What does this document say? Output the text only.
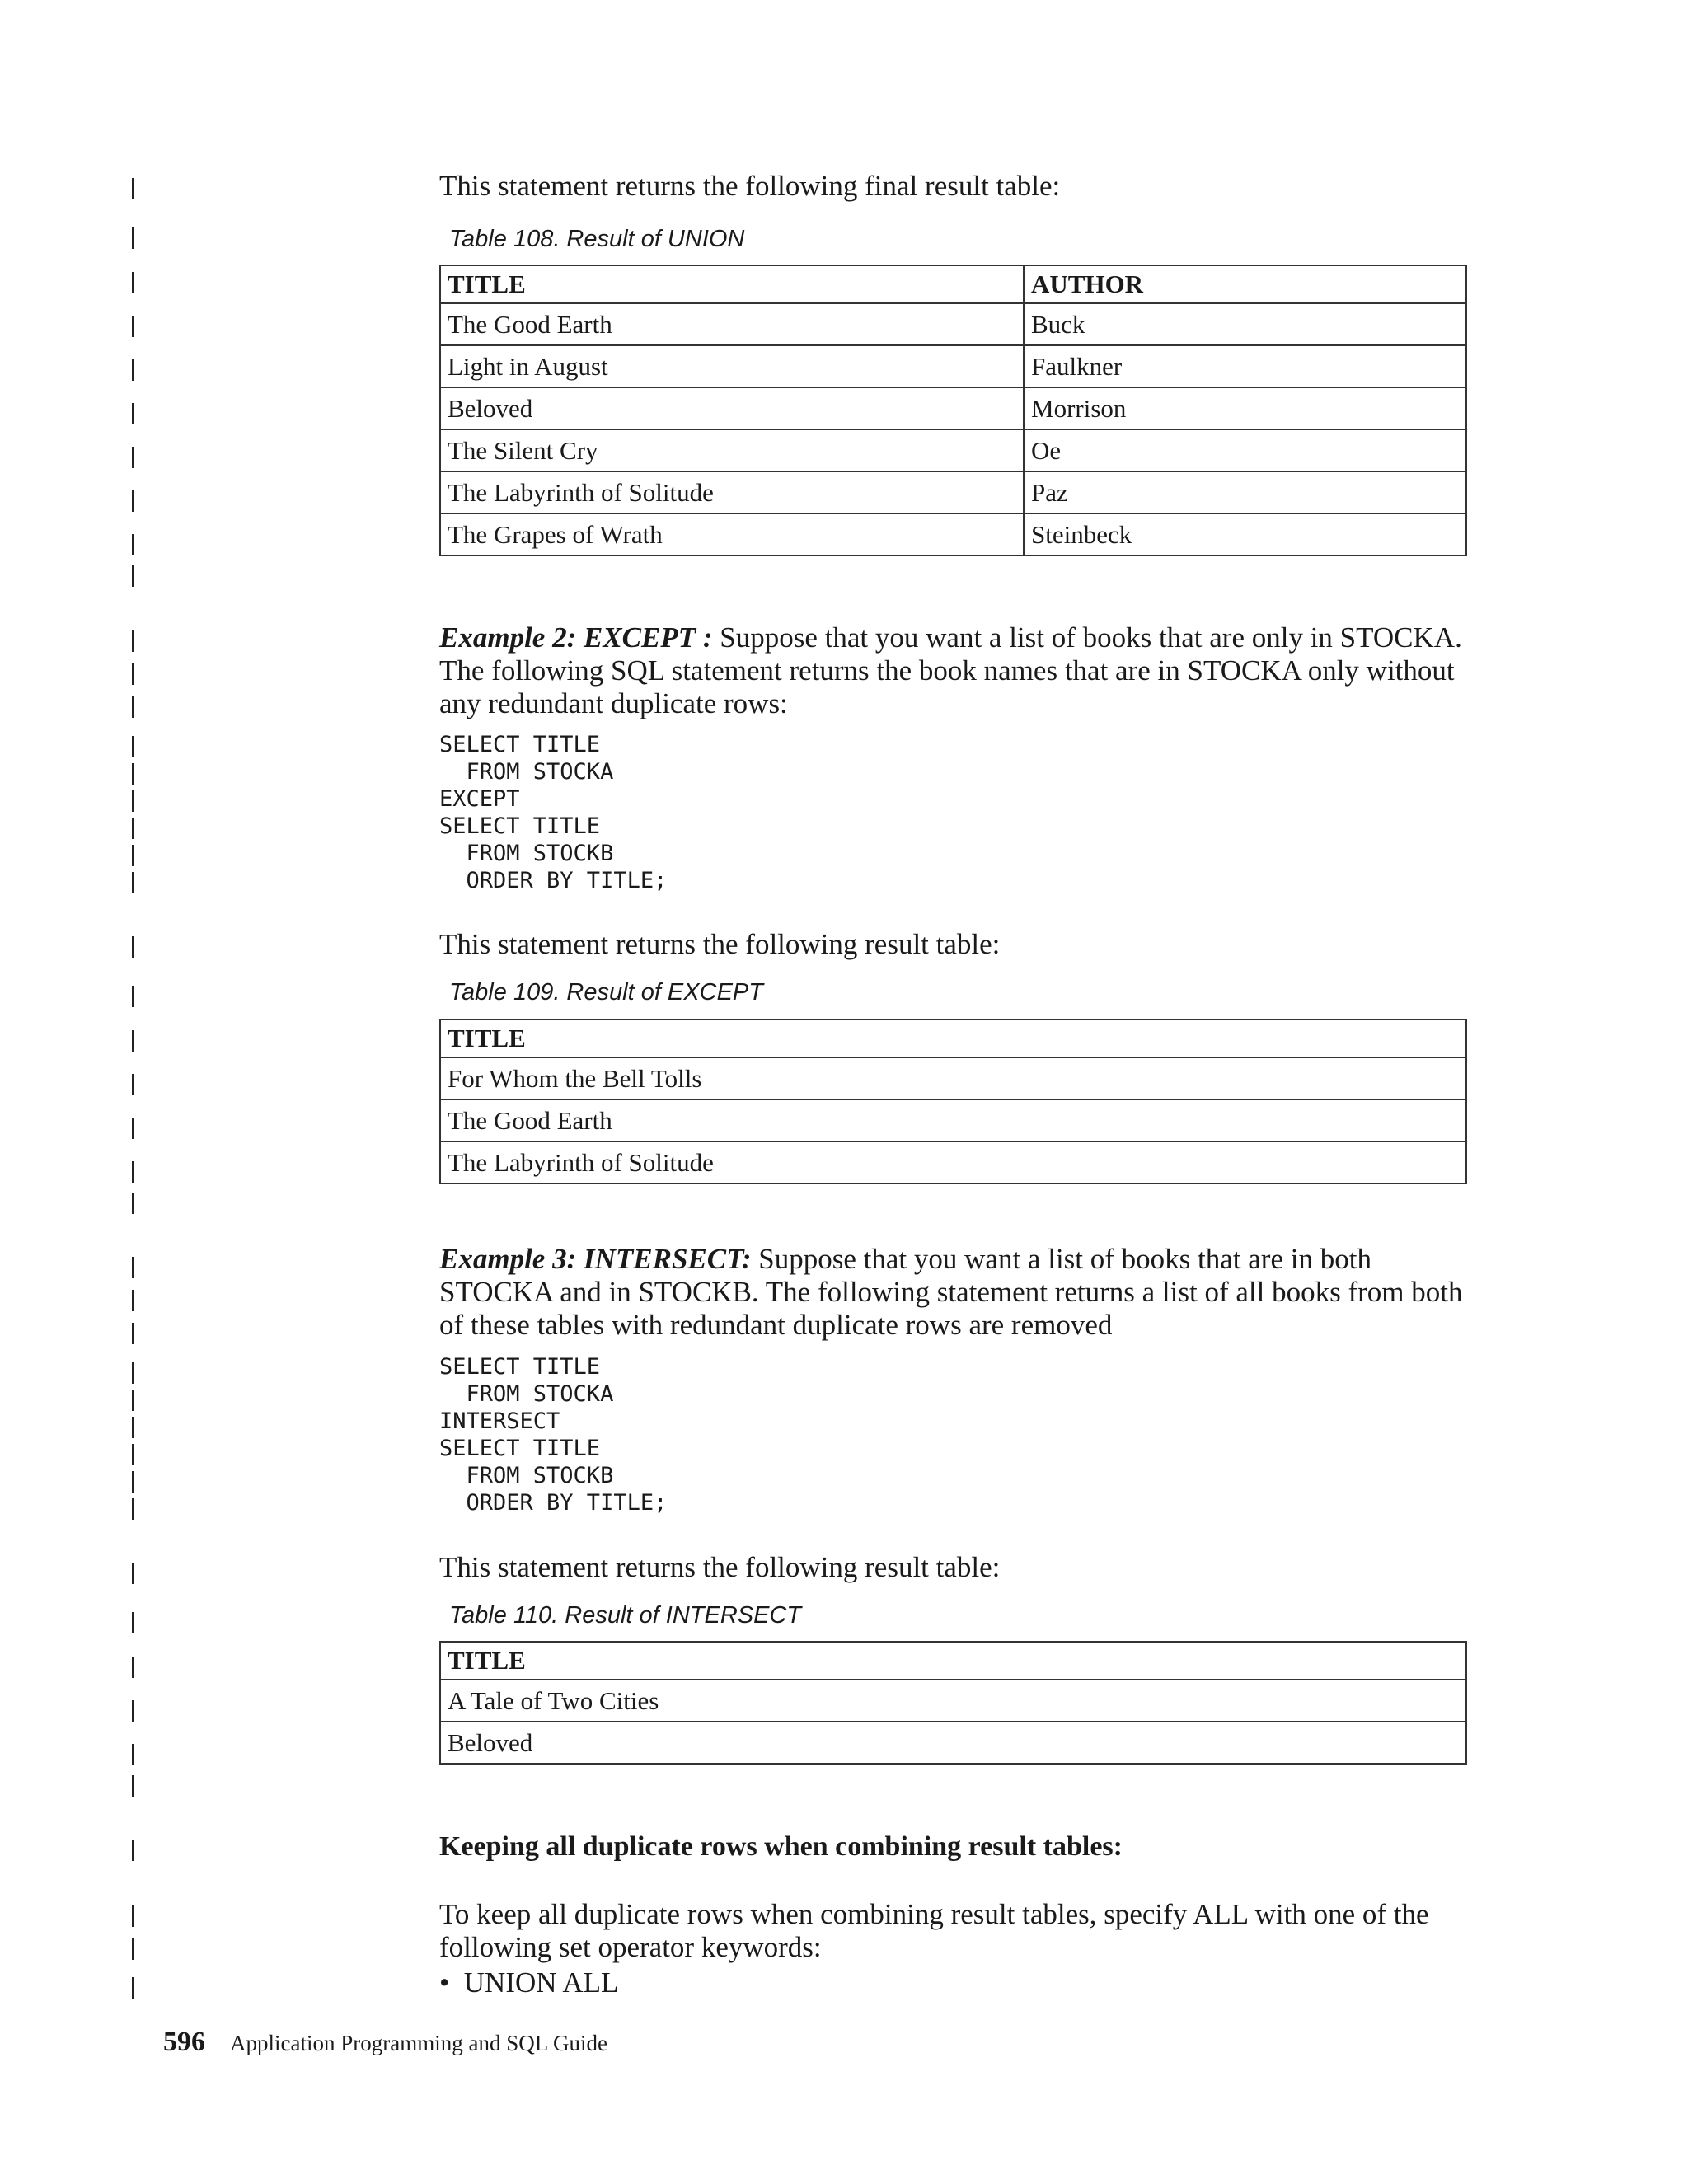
This statement returns the following final result table:

Table 108. Result of UNION
TITLE	AUTHOR
The Good Earth	Buck
Light in August	Faulkner
Beloved	Morrison
The Silent Cry	Oe
The Labyrinth of Solitude	Paz
The Grapes of Wrath	Steinbeck

Example 2: EXCEPT : Suppose that you want a list of books that are only in STOCKA. The following SQL statement returns the book names that are in STOCKA only without any redundant duplicate rows:

SELECT TITLE
FROM STOCKA
EXCEPT
SELECT TITLE
FROM STOCKB
ORDER BY TITLE;

This statement returns the following result table:

Table 109. Result of EXCEPT
TITLE
For Whom the Bell Tolls
The Good Earth
The Labyrinth of Solitude

Example 3: INTERSECT: Suppose that you want a list of books that are in both STOCKA and in STOCKB. The following statement returns a list of all books from both of these tables with redundant duplicate rows are removed

SELECT TITLE
FROM STOCKA
INTERSECT
SELECT TITLE
FROM STOCKB
ORDER BY TITLE;

This statement returns the following result table:

Table 110. Result of INTERSECT
TITLE
A Tale of Two Cities
Beloved
Keeping all duplicate rows when combining result tables:

To keep all duplicate rows when combining result tables, specify ALL with one of the following set operator keywords:

•  UNION ALL
596 Application Programming and SQL Guide
